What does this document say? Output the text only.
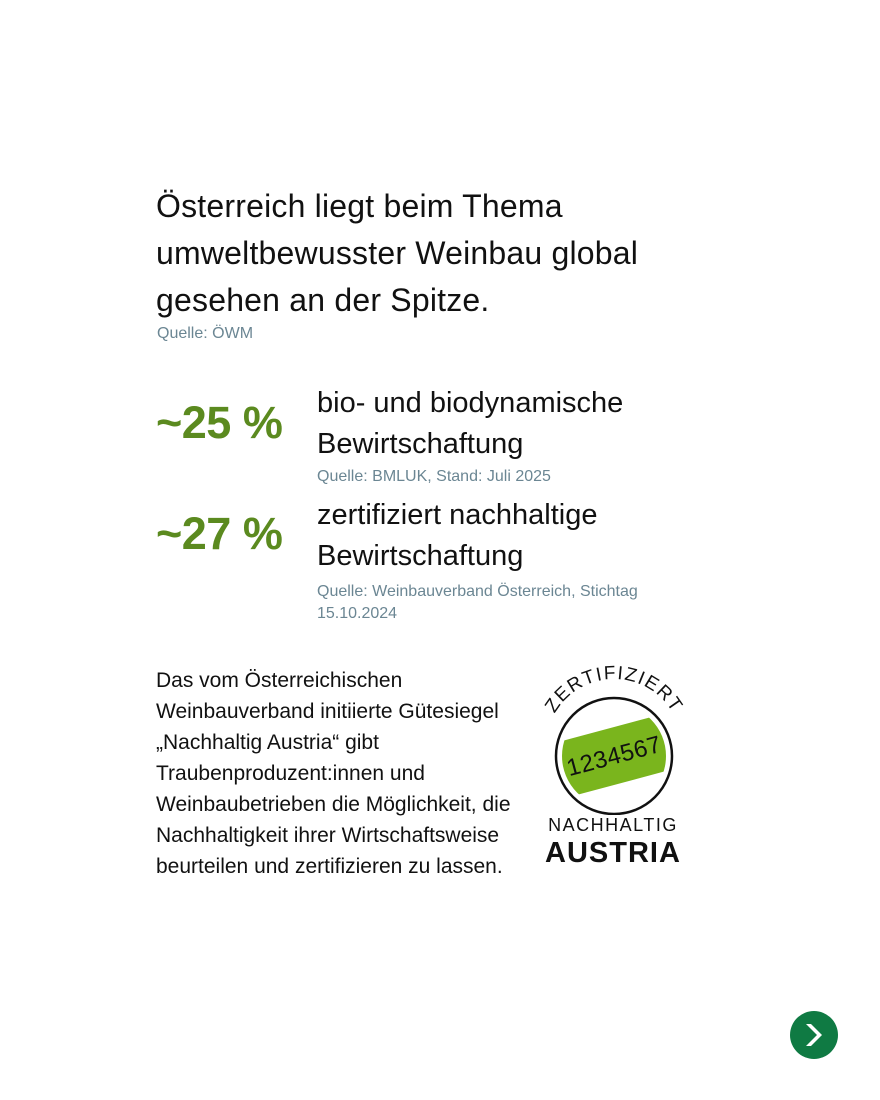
Österreich liegt beim Thema umweltbewusster Weinbau global gesehen an der Spitze.
Quelle: ÖWM
~25 % bio- und biodynamische Bewirtschaftung
Quelle: BMLUK, Stand: Juli 2025
~27 % zertifiziert nachhaltige Bewirtschaftung
Quelle: Weinbauverband Österreich, Stichtag 15.10.2024
Das vom Österreichischen Weinbauverband initiierte Gütesiegel „Nachhaltig Austria“ gibt Traubenproduzent:innen und Weinbaubetrieben die Möglichkeit, die Nachhaltigkeit ihrer Wirtschaftsweise beurteilen und zertifizieren zu lassen.
ZERTIFIZIERT
1234567
NACHHALTIG
AUSTRIA
